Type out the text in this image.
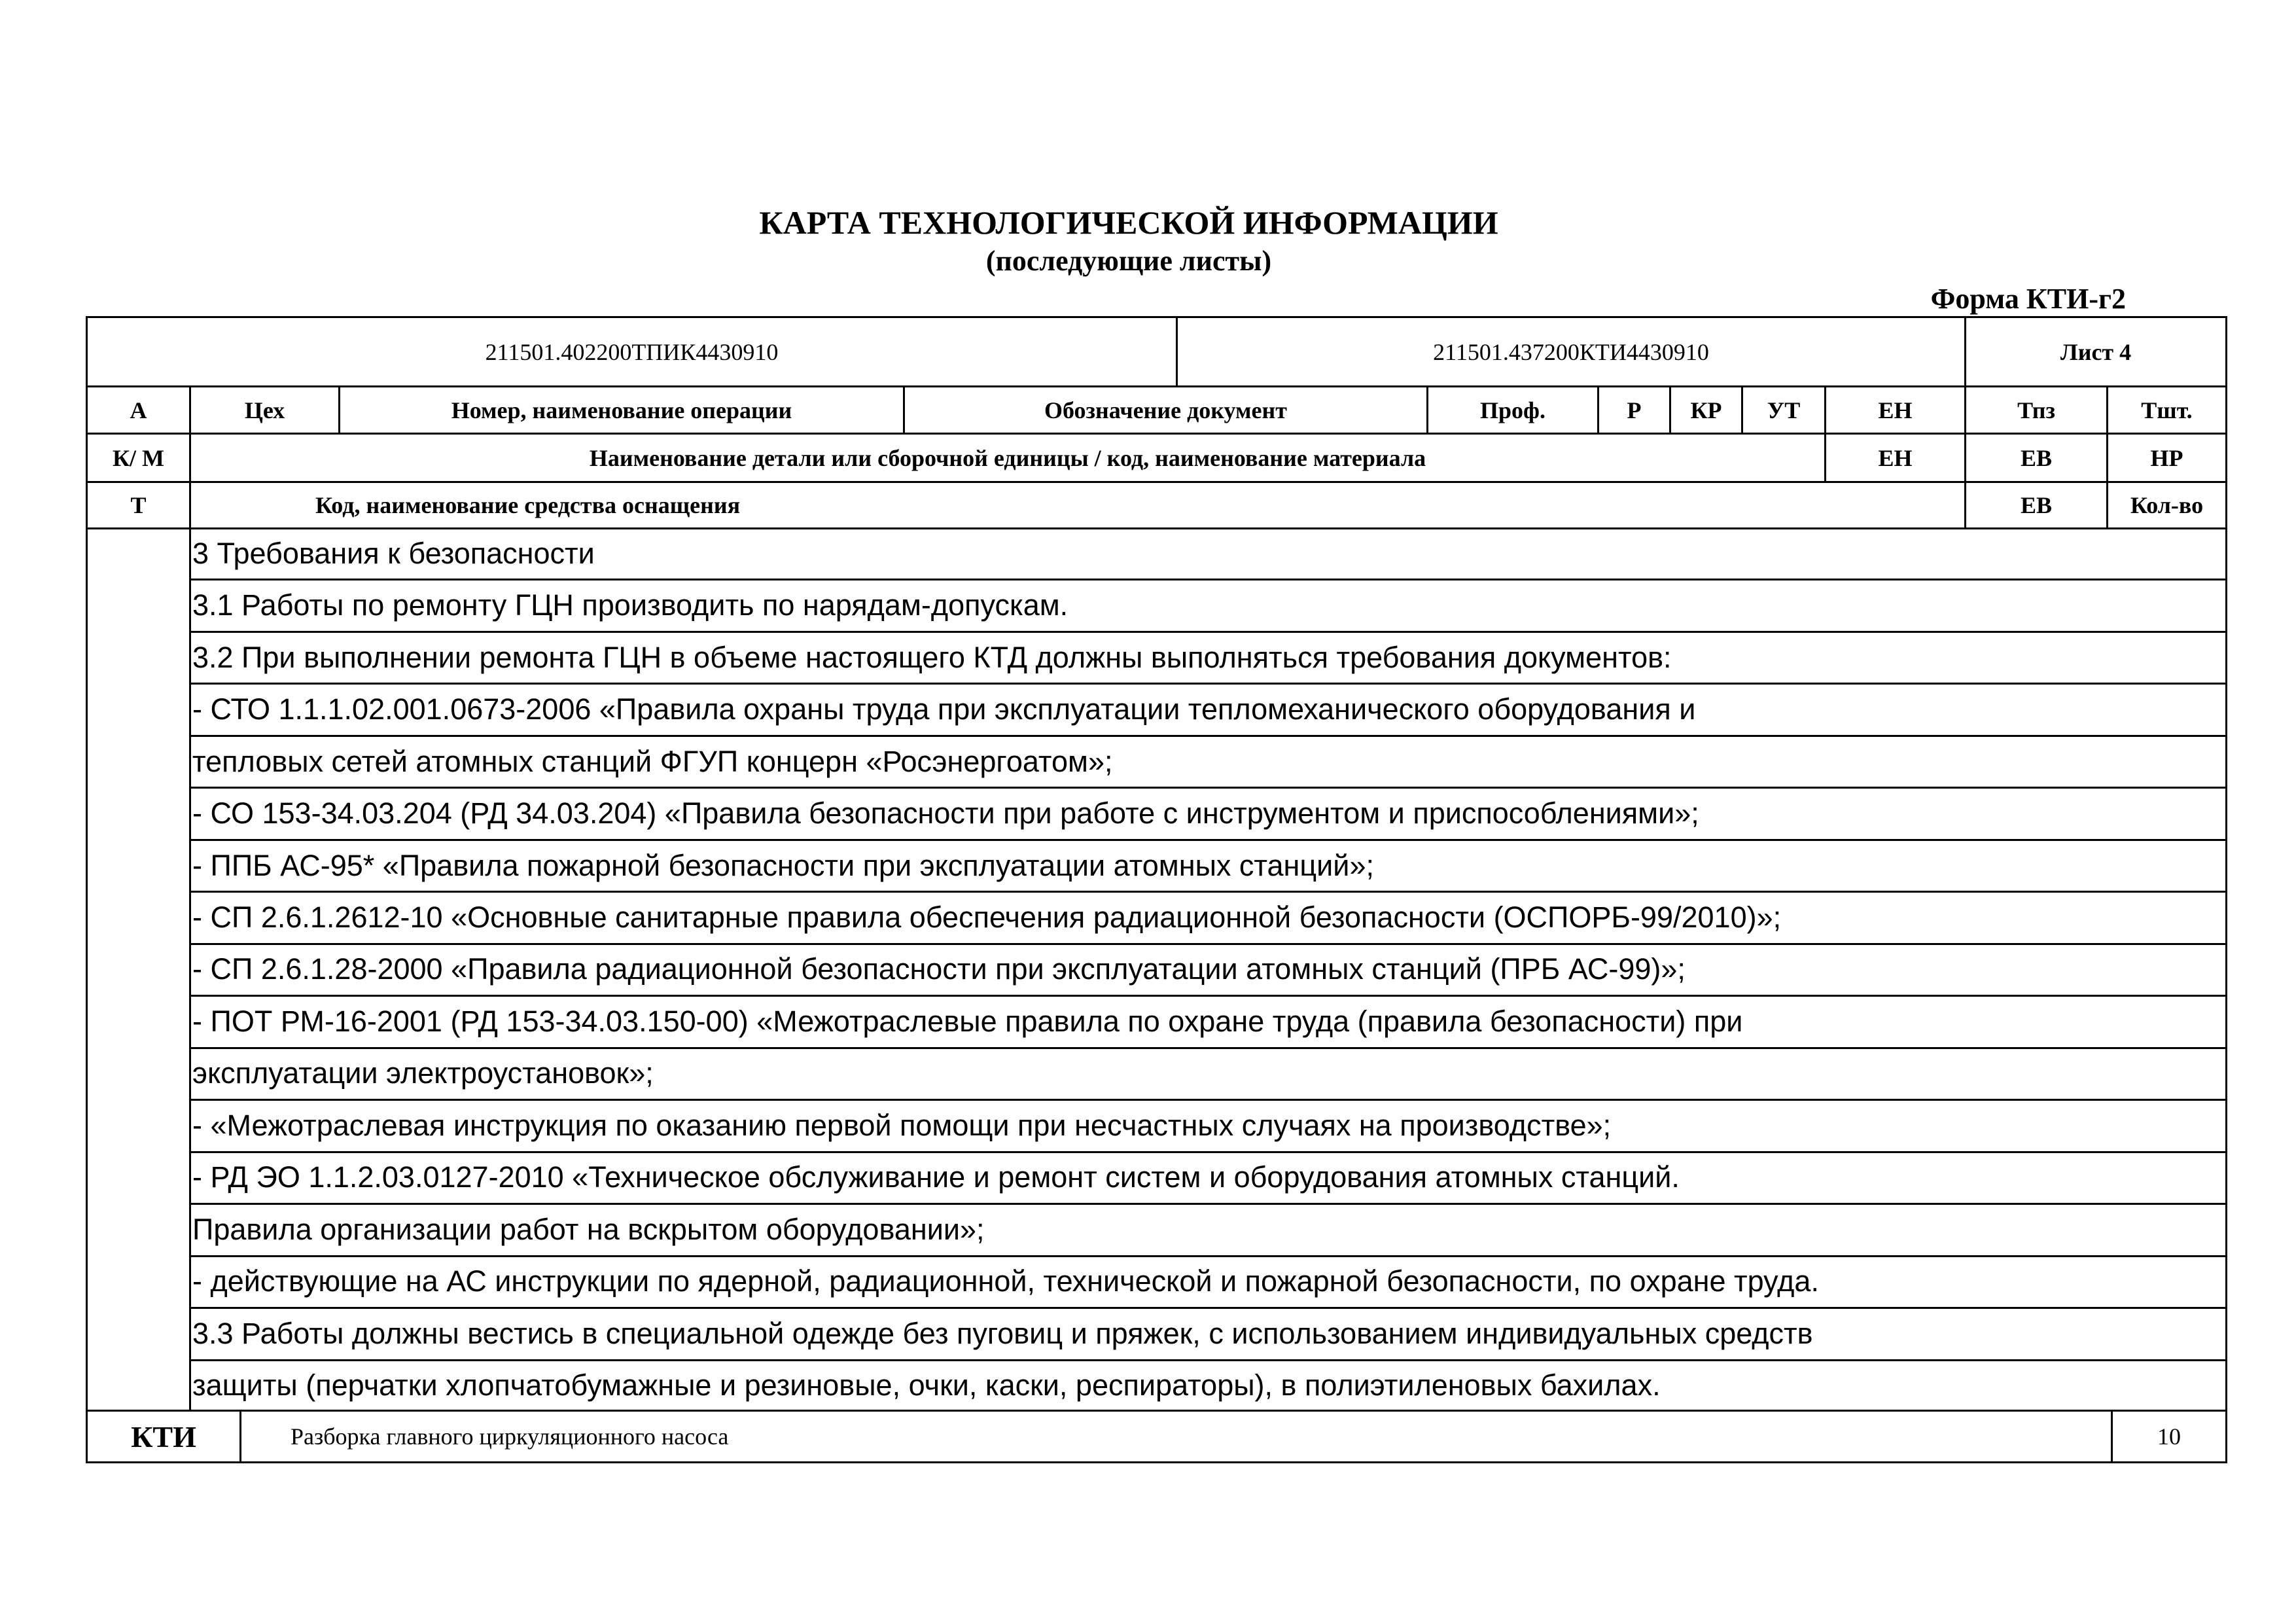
КАРТА ТЕХНОЛОГИЧЕСКОЙ ИНФОРМАЦИИ
(последующие листы)
Форма КТИ-г2
211501.402200ТПИК4430910	211501.437200КТИ4430910	Лист 4
А	Цех	Номер, наименование операции	Обозначение документ	Проф.	Р	КР	УТ	ЕН	Тпз	Тшт.
К/ М	Наименование детали или сборочной единицы / код, наименование материала	ЕН	ЕВ	НР
Т	Код, наименование средства оснащения	ЕВ	Кол-во
3 Требования к безопасности
3.1 Работы по ремонту ГЦН производить по нарядам-допускам.
3.2 При выполнении ремонта ГЦН в объеме настоящего КТД должны выполняться требования документов:
- СТО 1.1.1.02.001.0673-2006 «Правила охраны труда при эксплуатации тепломеханического оборудования и
тепловых сетей атомных станций ФГУП концерн «Росэнергоатом»;
- СО 153-34.03.204 (РД 34.03.204) «Правила безопасности при работе с инструментом и приспособлениями»;
- ППБ АС-95* «Правила пожарной безопасности при эксплуатации атомных станций»;
- СП 2.6.1.2612-10 «Основные санитарные правила обеспечения радиационной безопасности (ОСПОРБ-99/2010)»;
- СП 2.6.1.28-2000 «Правила радиационной безопасности при эксплуатации атомных станций (ПРБ АС-99)»;
- ПОТ РМ-16-2001 (РД 153-34.03.150-00) «Межотраслевые правила по охране труда (правила безопасности) при
эксплуатации электроустановок»;
- «Межотраслевая инструкция по оказанию первой помощи при несчастных случаях на производстве»;
- РД ЭО 1.1.2.03.0127-2010 «Техническое обслуживание и ремонт систем и оборудования атомных станций.
Правила организации работ на вскрытом оборудовании»;
- действующие на АС инструкции по ядерной, радиационной, технической и пожарной безопасности, по охране труда.
3.3 Работы должны вестись в специальной одежде без пуговиц и пряжек, с использованием индивидуальных средств
защиты (перчатки хлопчатобумажные и резиновые, очки, каски, респираторы), в полиэтиленовых бахилах.
КТИ	Разборка главного циркуляционного насоса	10
